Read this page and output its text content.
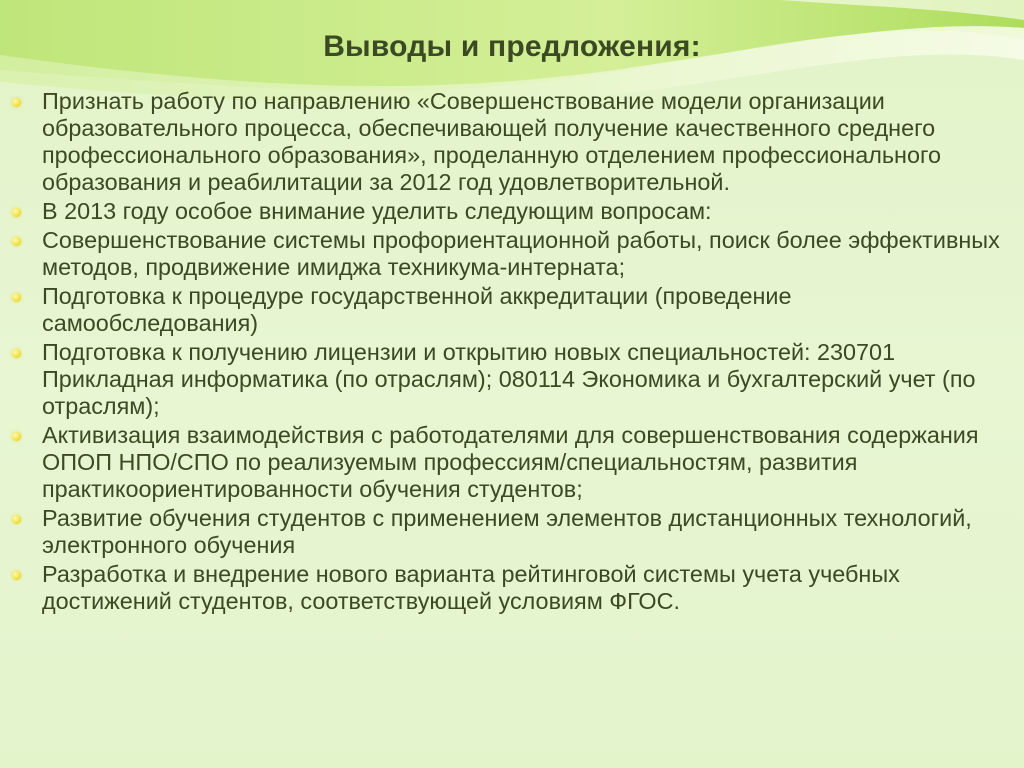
Выводы и предложения:
Признать работу по направлению «Совершенствование модели организации образовательного процесса, обеспечивающей получение качественного среднего профессионального образования», проделанную отделением профессионального образования и реабилитации за 2012 год удовлетворительной.
В 2013 году особое внимание уделить следующим вопросам:
Совершенствование системы профориентационной работы, поиск более эффективных методов, продвижение имиджа техникума-интерната;
Подготовка к процедуре государственной аккредитации (проведение самообследования)
Подготовка к получению лицензии и открытию новых специальностей: 230701 Прикладная информатика (по отраслям); 080114 Экономика и бухгалтерский учет (по отраслям);
Активизация взаимодействия с работодателями для совершенствования содержания ОПОП НПО/СПО по реализуемым профессиям/специальностям, развития практикоориентированности обучения студентов;
Развитие обучения студентов с применением элементов дистанционных технологий, электронного обучения
Разработка и внедрение нового варианта рейтинговой системы учета учебных достижений студентов, соответствующей условиям ФГОС.
